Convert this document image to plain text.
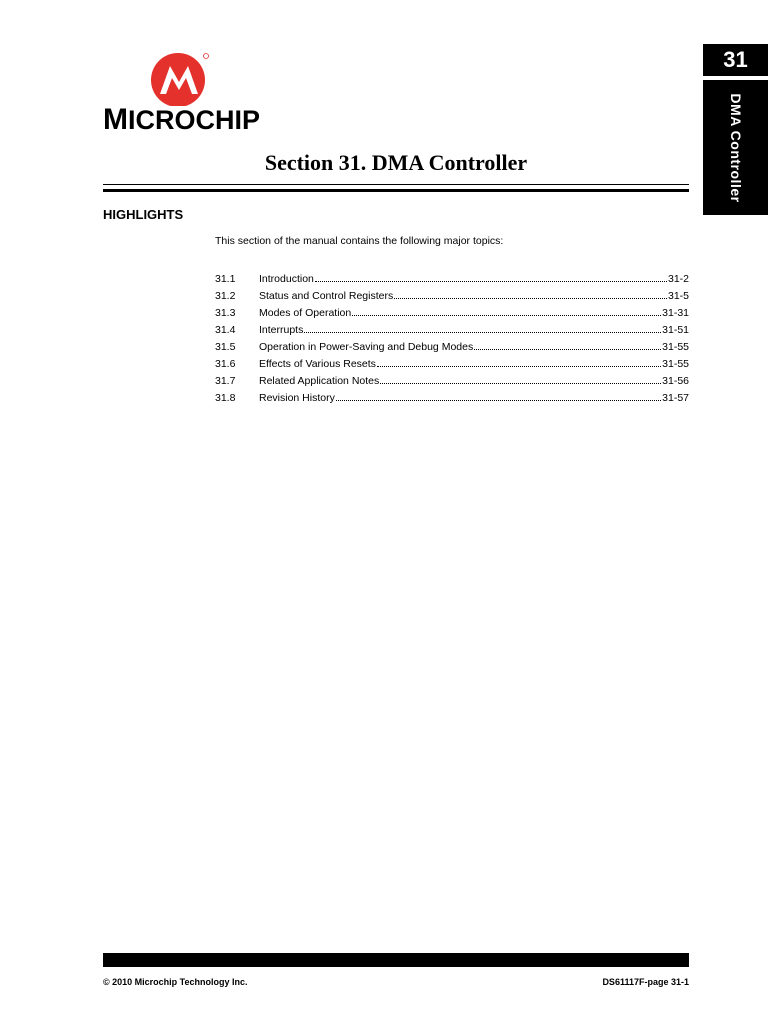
MICROCHIP
31
DMA Controller
Section 31. DMA Controller
HIGHLIGHTS
This section of the manual contains the following major topics:
31.1	Introduction	31-2
31.2	Status and Control Registers	31-5
31.3	Modes of Operation	31-31
31.4	Interrupts	31-51
31.5	Operation in Power-Saving and Debug Modes	31-55
31.6	Effects of Various Resets	31-55
31.7	Related Application Notes	31-56
31.8	Revision History	31-57
© 2010 Microchip Technology Inc.	DS61117F-page 31-1
